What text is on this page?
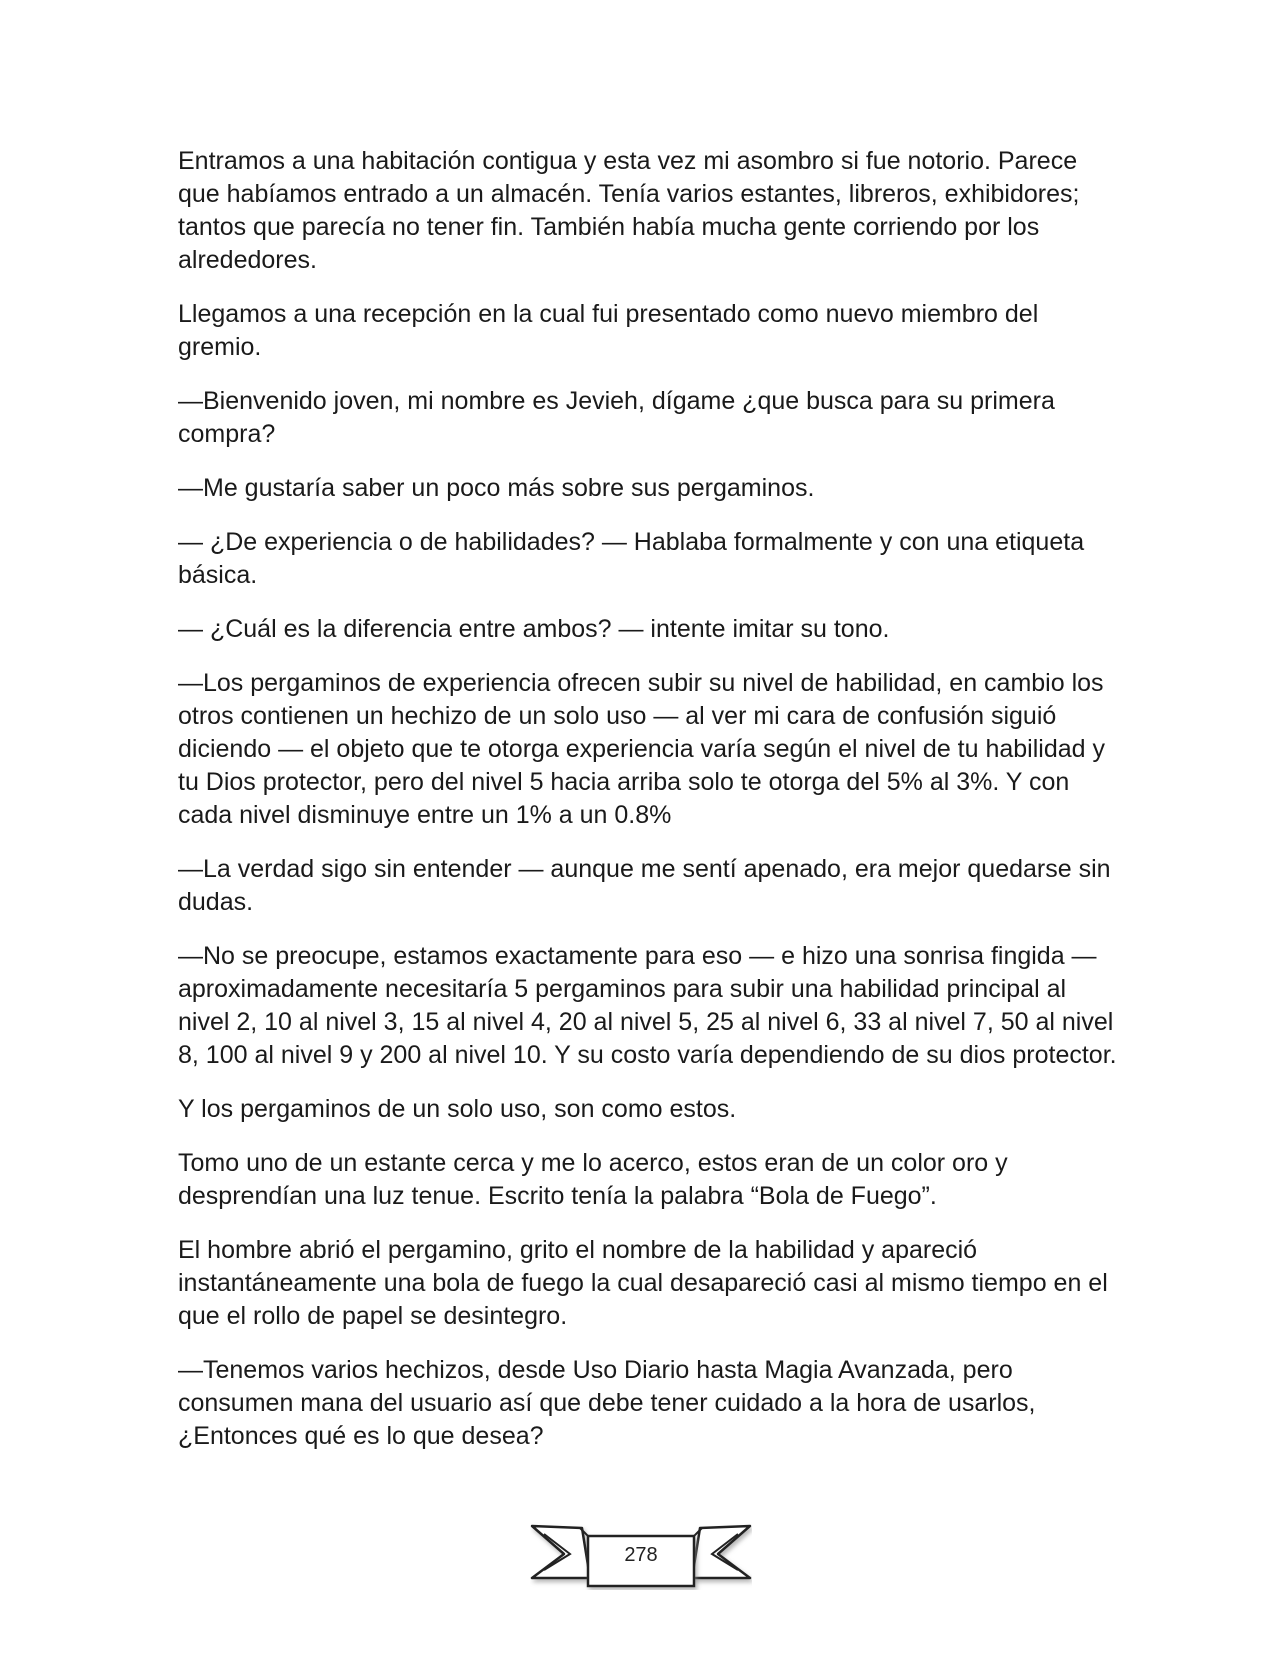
Entramos a una habitación contigua y esta vez mi asombro si fue notorio. Parece que habíamos entrado a un almacén. Tenía varios estantes, libreros, exhibidores; tantos que parecía no tener fin. También había mucha gente corriendo por los alrededores.

Llegamos a una recepción en la cual fui presentado como nuevo miembro del gremio.

—Bienvenido joven, mi nombre es Jevieh, dígame ¿que busca para su primera compra?

—Me gustaría saber un poco más sobre sus pergaminos.

— ¿De experiencia o de habilidades? — Hablaba formalmente y con una etiqueta básica.

— ¿Cuál es la diferencia entre ambos? — intente imitar su tono.

—Los pergaminos de experiencia ofrecen subir su nivel de habilidad, en cambio los otros contienen un hechizo de un solo uso — al ver mi cara de confusión siguió diciendo — el objeto que te otorga experiencia varía según el nivel de tu habilidad y tu Dios protector, pero del nivel 5 hacia arriba solo te otorga del 5% al 3%. Y con cada nivel disminuye entre un 1% a un 0.8%

—La verdad sigo sin entender — aunque me sentí apenado, era mejor quedarse sin dudas.

—No se preocupe, estamos exactamente para eso — e hizo una sonrisa fingida — aproximadamente necesitaría 5 pergaminos para subir una habilidad principal al nivel 2, 10 al nivel 3, 15 al nivel 4, 20 al nivel 5, 25 al nivel 6, 33 al nivel 7, 50 al nivel 8, 100 al nivel 9 y 200 al nivel 10. Y su costo varía dependiendo de su dios protector.

Y los pergaminos de un solo uso, son como estos.

Tomo uno de un estante cerca y me lo acerco, estos eran de un color oro y desprendían una luz tenue. Escrito tenía la palabra “Bola de Fuego”.

El hombre abrió el pergamino, grito el nombre de la habilidad y apareció instantáneamente una bola de fuego la cual desapareció casi al mismo tiempo en el que el rollo de papel se desintegro.

—Tenemos varios hechizos, desde Uso Diario hasta Magia Avanzada, pero consumen mana del usuario así que debe tener cuidado a la hora de usarlos, ¿Entonces qué es lo que desea?

278
